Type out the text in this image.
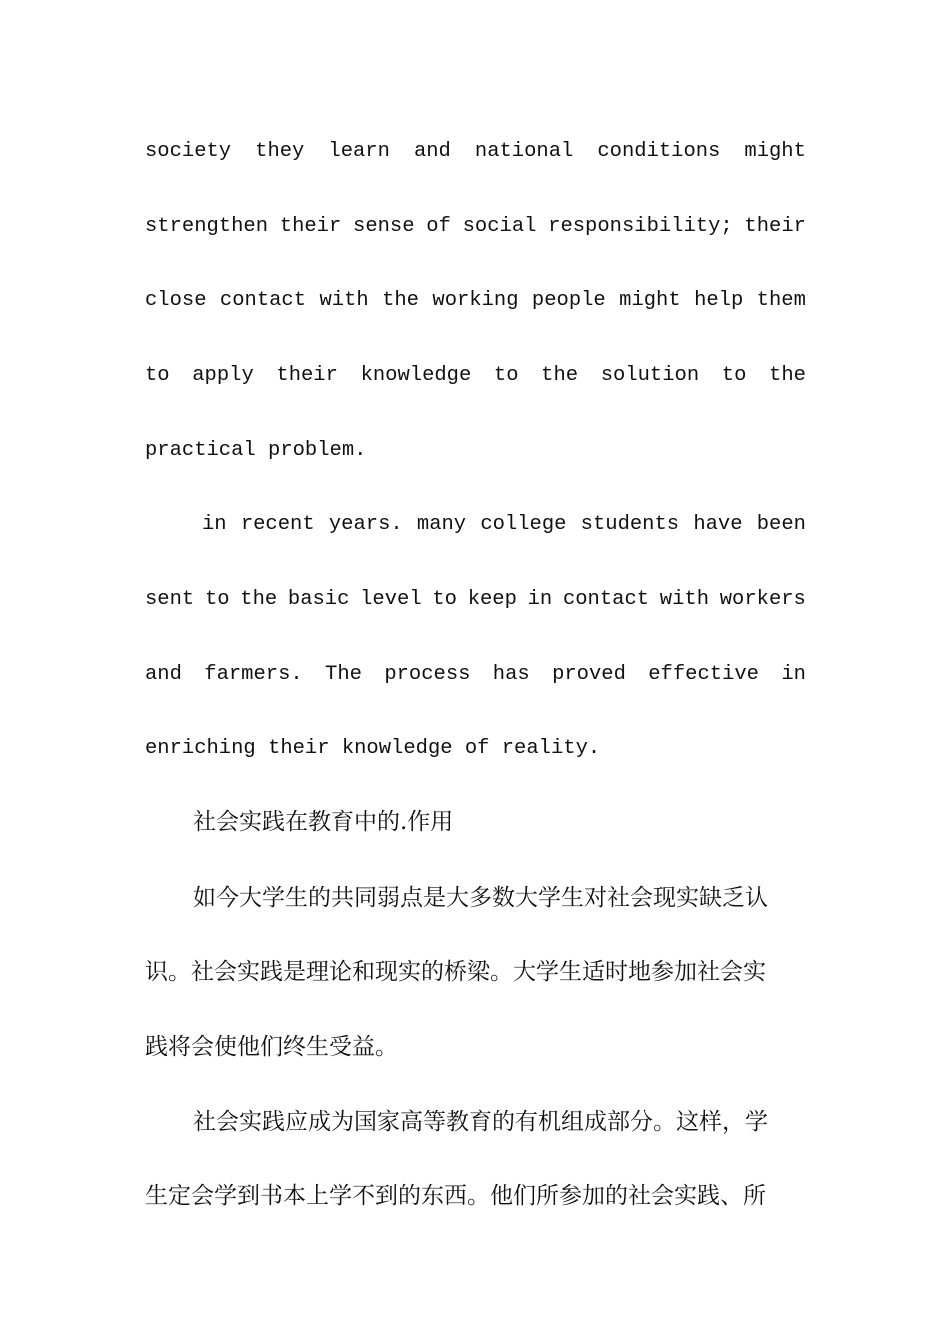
society they learn and national conditions might
strengthen their sense of social responsibility; their
close contact with the working people might help them
to apply their knowledge to the solution to the
practical problem.
in recent years. many college students have been
sent to the basic level to keep in contact with workers
and farmers. The process has proved effective in
enriching their knowledge of reality.
社会实践在教育中的.作用
如今大学生的共同弱点是大多数大学生对社会现实缺乏认
识。社会实践是理论和现实的桥梁。大学生适时地参加社会实
践将会使他们终生受益。
社会实践应成为国家高等教育的有机组成部分。这样，学
生定会学到书本上学不到的东西。他们所参加的社会实践、所
